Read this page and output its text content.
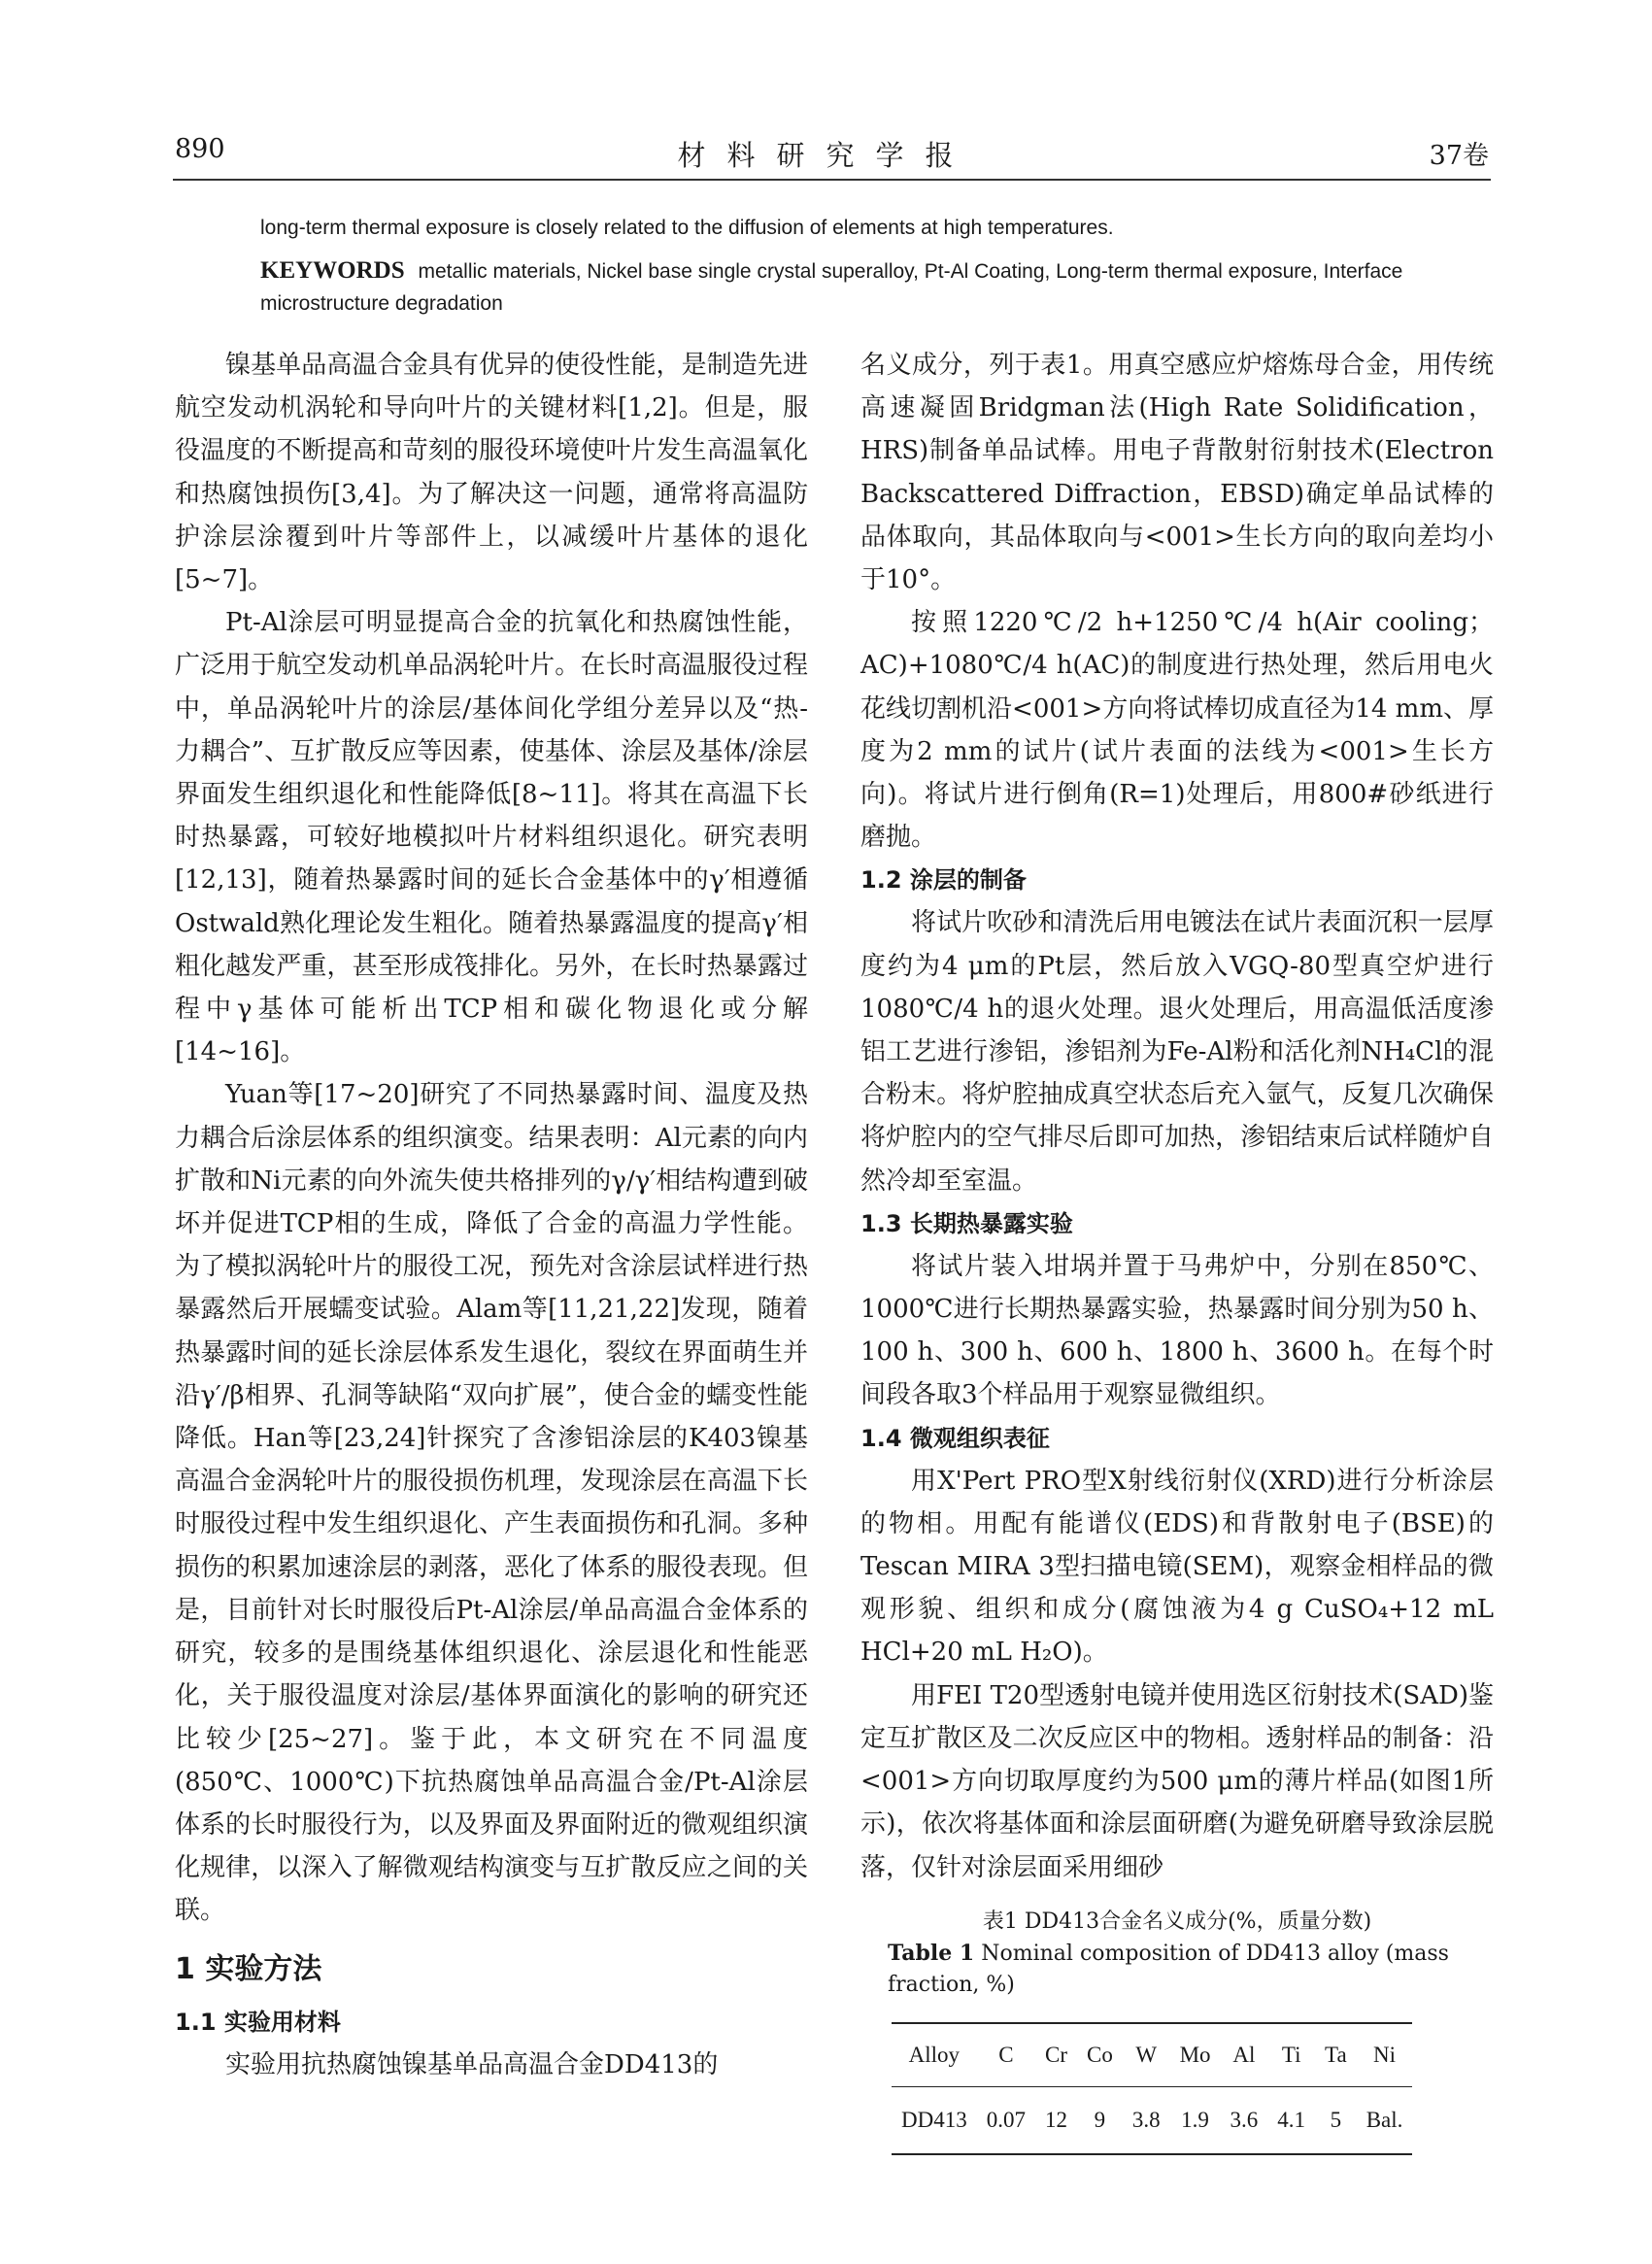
890	材料研究学报	37卷
long-term thermal exposure is closely related to the diffusion of elements at high temperatures.
KEYWORDS metallic materials, Nickel base single crystal superalloy, Pt-Al Coating, Long-term thermal exposure, Interface microstructure degradation

镍基单品高温合金具有优异的使役性能，是制造先进航空发动机涡轮和导向叶片的关键材料[1,2]。但是，服役温度的不断提高和苛刻的服役环境使叶片发生高温氧化和热腐蚀损伤[3,4]。为了解决这一问题，通常将高温防护涂层涂覆到叶片等部件上，以减缓叶片基体的退化[5~7]。

Pt-Al涂层可明显提高合金的抗氧化和热腐蚀性能，广泛用于航空发动机单品涡轮叶片。在长时高温服役过程中，单品涡轮叶片的涂层/基体间化学组分差异以及“热-力耦合”、互扩散反应等因素，使基体、涂层及基体/涂层界面发生组织退化和性能降低[8~11]。将其在高温下长时热暴露，可较好地模拟叶片材料组织退化。研究表明[12,13]，随着热暴露时间的延长合金基体中的γ′相遵循Ostwald熟化理论发生粗化。随着热暴露温度的提高γ′相粗化越发严重，甚至形成筏排化。另外，在长时热暴露过程中γ基体可能析出TCP相和碳化物退化或分解[14~16]。

Yuan等[17~20]研究了不同热暴露时间、温度及热力耦合后涂层体系的组织演变。结果表明：Al元素的向内扩散和Ni元素的向外流失使共格排列的γ/γ′相结构遭到破坏并促进TCP相的生成，降低了合金的高温力学性能。为了模拟涡轮叶片的服役工况，预先对含涂层试样进行热暴露然后开展蠕变试验。Alam等[11,21,22]发现，随着热暴露时间的延长涂层体系发生退化，裂纹在界面萌生并沿γ′/β相界、孔洞等缺陷“双向扩展”，使合金的蠕变性能降低。Han等[23,24]针探究了含渗铝涂层的K403镍基高温合金涡轮叶片的服役损伤机理，发现涂层在高温下长时服役过程中发生组织退化、产生表面损伤和孔洞。多种损伤的积累加速涂层的剥落，恶化了体系的服役表现。但是，目前针对长时服役后Pt-Al涂层/单品高温合金体系的研究，较多的是围绕基体组织退化、涂层退化和性能恶化，关于服役温度对涂层/基体界面演化的影响的研究还比较少[25~27]。鉴于此，本文研究在不同温度(850℃、1000℃)下抗热腐蚀单品高温合金/Pt-Al涂层体系的长时服役行为，以及界面及界面附近的微观组织演化规律，以深入了解微观结构演变与互扩散反应之间的关联。

1 实验方法
1.1 实验用材料

实验用抗热腐蚀镍基单品高温合金DD413的

名义成分，列于表1。用真空感应炉熔炼母合金，用传统高速凝固Bridgman法(High Rate Solidification，HRS)制备单品试棒。用电子背散射衍射技术(Electron Backscattered Diffraction，EBSD)确定单品试棒的品体取向，其品体取向与<001>生长方向的取向差均小于10°。

按照1220℃/2 h+1250℃/4 h(Air cooling；AC)+1080℃/4 h(AC)的制度进行热处理，然后用电火花线切割机沿<001>方向将试棒切成直径为14 mm、厚度为2 mm的试片(试片表面的法线为<001>生长方向)。将试片进行倒角(R=1)处理后，用800#砂纸进行磨抛。

1.2 涂层的制备

将试片吹砂和清洗后用电镀法在试片表面沉积一层厚度约为4 μm的Pt层，然后放入VGQ-80型真空炉进行1080℃/4 h的退火处理。退火处理后，用高温低活度渗铝工艺进行渗铝，渗铝剂为Fe-Al粉和活化剂NH₄Cl的混合粉末。将炉腔抽成真空状态后充入氩气，反复几次确保将炉腔内的空气排尽后即可加热，渗铝结束后试样随炉自然冷却至室温。

1.3 长期热暴露实验

将试片装入坩埚并置于马弗炉中，分别在850℃、1000℃进行长期热暴露实验，热暴露时间分别为50 h、100 h、300 h、600 h、1800 h、3600 h。在每个时间段各取3个样品用于观察显微组织。

1.4 微观组织表征

用X'Pert PRO型X射线衍射仪(XRD)进行分析涂层的物相。用配有能谱仪(EDS)和背散射电子(BSE)的Tescan MIRA 3型扫描电镜(SEM)，观察金相样品的微观形貌、组织和成分(腐蚀液为4 g CuSO₄+12 mL HCl+20 mL H₂O)。

用FEI T20型透射电镜并使用选区衍射技术(SAD)鉴定互扩散区及二次反应区中的物相。透射样品的制备：沿<001>方向切取厚度约为500 μm的薄片样品(如图1所示)，依次将基体面和涂层面研磨(为避免研磨导致涂层脱落，仅针对涂层面采用细砂

表1 DD413合金名义成分(%，质量分数)
Table 1 Nominal composition of DD413 alloy (mass fraction, %)
Alloy	C	Cr	Co	W	Mo	Al	Ti	Ta	Ni
DD413	0.07	12	9	3.8	1.9	3.6	4.1	5	Bal.
